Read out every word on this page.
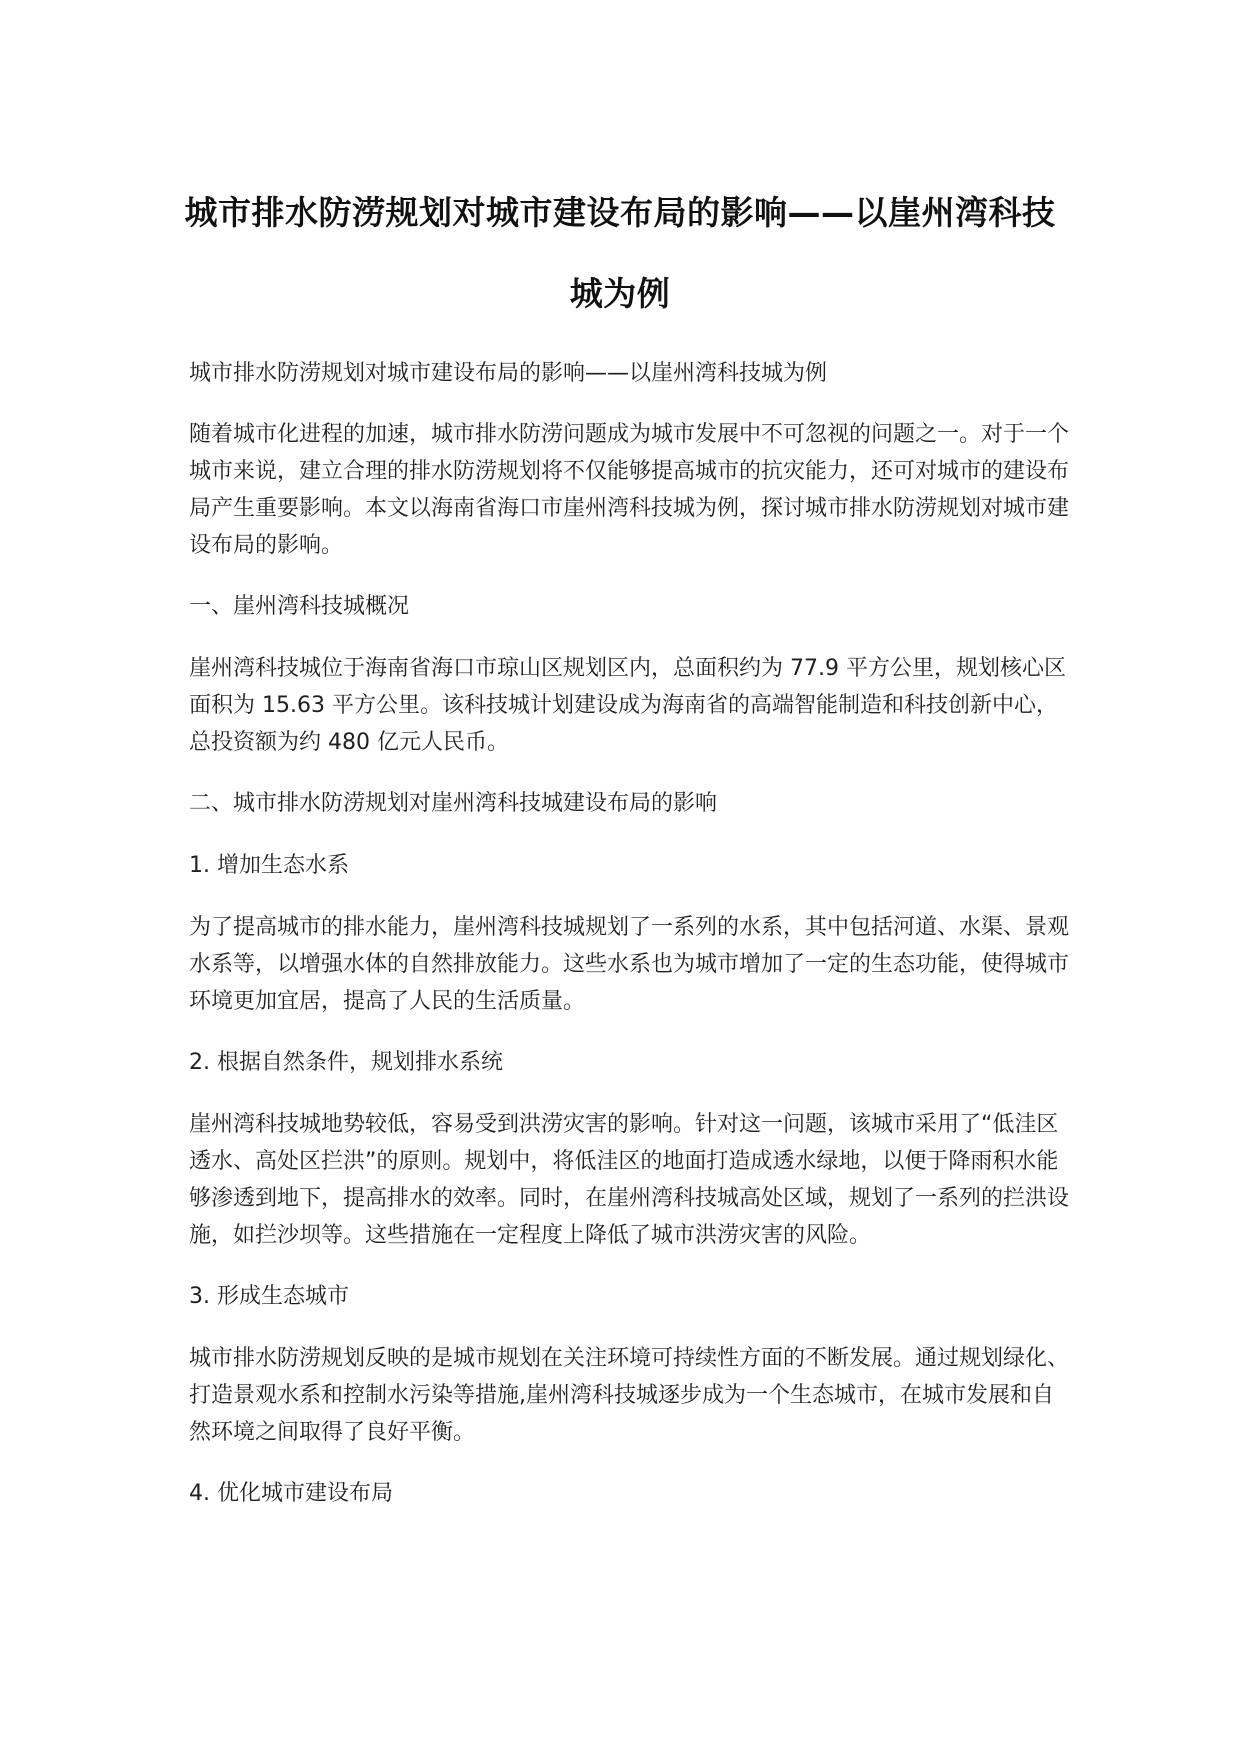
城市排水防涝规划对城市建设布局的影响——以崖州湾科技城为例

城市排水防涝规划对城市建设布局的影响——以崖州湾科技城为例

随着城市化进程的加速，城市排水防涝问题成为城市发展中不可忽视的问题之一。对于一个城市来说，建立合理的排水防涝规划将不仅能够提高城市的抗灾能力，还可对城市的建设布局产生重要影响。本文以海南省海口市崖州湾科技城为例，探讨城市排水防涝规划对城市建设布局的影响。

一、崖州湾科技城概况

崖州湾科技城位于海南省海口市琼山区规划区内，总面积约为 77.9 平方公里，规划核心区面积为 15.63 平方公里。该科技城计划建设成为海南省的高端智能制造和科技创新中心，总投资额为约 480 亿元人民币。

二、城市排水防涝规划对崖州湾科技城建设布局的影响

1. 增加生态水系

为了提高城市的排水能力，崖州湾科技城规划了一系列的水系，其中包括河道、水渠、景观水系等，以增强水体的自然排放能力。这些水系也为城市增加了一定的生态功能，使得城市环境更加宜居，提高了人民的生活质量。

2. 根据自然条件，规划排水系统

崖州湾科技城地势较低，容易受到洪涝灾害的影响。针对这一问题，该城市采用了“低洼区透水、高处区拦洪”的原则。规划中，将低洼区的地面打造成透水绿地，以便于降雨积水能够渗透到地下，提高排水的效率。同时，在崖州湾科技城高处区域，规划了一系列的拦洪设施，如拦沙坝等。这些措施在一定程度上降低了城市洪涝灾害的风险。

3. 形成生态城市

城市排水防涝规划反映的是城市规划在关注环境可持续性方面的不断发展。通过规划绿化、打造景观水系和控制水污染等措施,崖州湾科技城逐步成为一个生态城市，在城市发展和自然环境之间取得了良好平衡。

4. 优化城市建设布局
